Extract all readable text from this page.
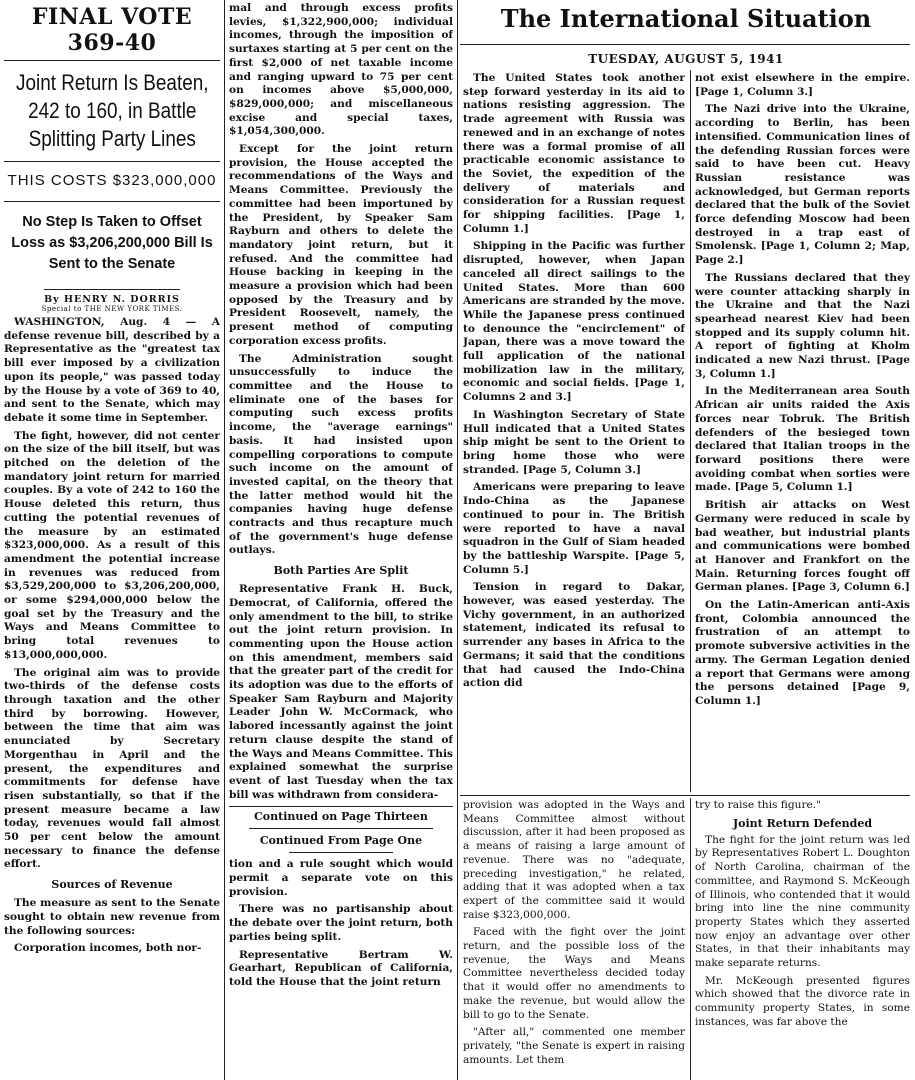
FINAL VOTE 369-40
Joint Return Is Beaten, 242 to 160, in Battle Splitting Party Lines
THIS COSTS $323,000,000
No Step Is Taken to Offset Loss as $3,206,200,000 Bill Is Sent to the Senate
By HENRY N. DORRIS
Special to THE NEW YORK TIMES.

WASHINGTON, Aug. 4 — A defense revenue bill, described by a Representative as the "greatest tax bill ever imposed by a civilization upon its people," was passed today by the House by a vote of 369 to 40, and sent to the Senate, which may debate it some time in September.

The fight, however, did not center on the size of the bill itself, but was pitched on the deletion of the mandatory joint return for married couples. By a vote of 242 to 160 the House deleted this return, thus cutting the potential revenues of the measure by an estimated $323,000,000. As a result of this amendment the potential increase in revenues was reduced from $3,529,200,000 to $3,206,200,000, or some $294,000,000 below the goal set by the Treasury and the Ways and Means Committee to bring total revenues to $13,000,000,000.

The original aim was to provide two-thirds of the defense costs through taxation and the other third by borrowing. However, between the time that aim was enunciated by Secretary Morgenthau in April and the present, the expenditures and commitments for defense have risen substantially, so that if the present measure became a law today, revenues would fall almost 50 per cent below the amount necessary to finance the defense effort.

Sources of Revenue

The measure as sent to the Senate sought to obtain new revenue from the following sources:

Corporation incomes, both nor-

mal and through excess profits levies, $1,322,900,000; individual incomes, through the imposition of surtaxes starting at 5 per cent on the first $2,000 of net taxable income and ranging upward to 75 per cent on incomes above $5,000,000, $829,000,000; and miscellaneous excise and special taxes, $1,054,300,000.

Except for the joint return provision, the House accepted the recommendations of the Ways and Means Committee. Previously the committee had been importuned by the President, by Speaker Sam Rayburn and others to delete the mandatory joint return, but it refused. And the committee had House backing in keeping in the measure a provision which had been opposed by the Treasury and by President Roosevelt, namely, the present method of computing corporation excess profits.

The Administration sought unsuccessfully to induce the committee and the House to eliminate one of the bases for computing such excess profits income, the "average earnings" basis. It had insisted upon compelling corporations to compute such income on the amount of invested capital, on the theory that the latter method would hit the companies having huge defense contracts and thus recapture much of the government's huge defense outlays.

Both Parties Are Split

Representative Frank H. Buck, Democrat, of California, offered the only amendment to the bill, to strike out the joint return provision. In commenting upon the House action on this amendment, members said that the greater part of the credit for its adoption was due to the efforts of Speaker Sam Rayburn and Majority Leader John W. McCormack, who labored incessantly against the joint return clause despite the stand of the Ways and Means Committee. This explained somewhat the surprise event of last Tuesday when the tax bill was withdrawn from considera-

Continued on Page Thirteen
Continued From Page One

tion and a rule sought which would permit a separate vote on this provision.

There was no partisanship about the debate over the joint return, both parties being split.

Representative Bertram W. Gearhart, Republican of California, told the House that the joint return

The International Situation
TUESDAY, AUGUST 5, 1941

The United States took another step forward yesterday in its aid to nations resisting aggression. The trade agreement with Russia was renewed and in an exchange of notes there was a formal promise of all practicable economic assistance to the Soviet, the expedition of the delivery of materials and consideration for a Russian request for shipping facilities. [Page 1, Column 1.]

Shipping in the Pacific was further disrupted, however, when Japan canceled all direct sailings to the United States. More than 600 Americans are stranded by the move. While the Japanese press continued to denounce the "encirclement" of Japan, there was a move toward the full application of the national mobilization law in the military, economic and social fields. [Page 1, Columns 2 and 3.]

In Washington Secretary of State Hull indicated that a United States ship might be sent to the Orient to bring home those who were stranded. [Page 5, Column 3.]

Americans were preparing to leave Indo-China as the Japanese continued to pour in. The British were reported to have a naval squadron in the Gulf of Siam headed by the battleship Warspite. [Page 5, Column 5.]

Tension in regard to Dakar, however, was eased yesterday. The Vichy government, in an authorized statement, indicated its refusal to surrender any bases in Africa to the Germans; it said that the conditions that had caused the Indo-China action did

not exist elsewhere in the empire. [Page 1, Column 3.]

The Nazi drive into the Ukraine, according to Berlin, has been intensified. Communication lines of the defending Russian forces were said to have been cut. Heavy Russian resistance was acknowledged, but German reports declared that the bulk of the Soviet force defending Moscow had been destroyed in a trap east of Smolensk. [Page 1, Column 2; Map, Page 2.]

The Russians declared that they were counter attacking sharply in the Ukraine and that the Nazi spearhead nearest Kiev had been stopped and its supply column hit. A report of fighting at Kholm indicated a new Nazi thrust. [Page 3, Column 1.]

In the Mediterranean area South African air units raided the Axis forces near Tobruk. The British defenders of the besieged town declared that Italian troops in the forward positions there were avoiding combat when sorties were made. [Page 5, Column 1.]

British air attacks on West Germany were reduced in scale by bad weather, but industrial plants and communications were bombed at Hanover and Frankfort on the Main. Returning forces fought off German planes. [Page 3, Column 6.]

On the Latin-American anti-Axis front, Colombia announced the frustration of an attempt to promote subversive activities in the army. The German Legation denied a report that Germans were among the persons detained [Page 9, Column 1.]

provision was adopted in the Ways and Means Committee almost without discussion, after it had been proposed as a means of raising a large amount of revenue. There was no "adequate, preceding investigation," he related, adding that it was adopted when a tax expert of the committee said it would raise $323,000,000.

Faced with the fight over the joint return, and the possible loss of the revenue, the Ways and Means Committee nevertheless decided today that it would offer no amendments to make the revenue, but would allow the bill to go to the Senate.

"After all," commented one member privately, "the Senate is expert in raising amounts. Let them

try to raise this figure."

Joint Return Defended

The fight for the joint return was led by Representatives Robert L. Doughton of North Carolina, chairman of the committee, and Raymond S. McKeough of Illinois, who contended that it would bring into line the nine community property States which they asserted now enjoy an advantage over other States, in that their inhabitants may make separate returns.

Mr. McKeough presented figures which showed that the divorce rate in community property States, in some instances, was far above the
